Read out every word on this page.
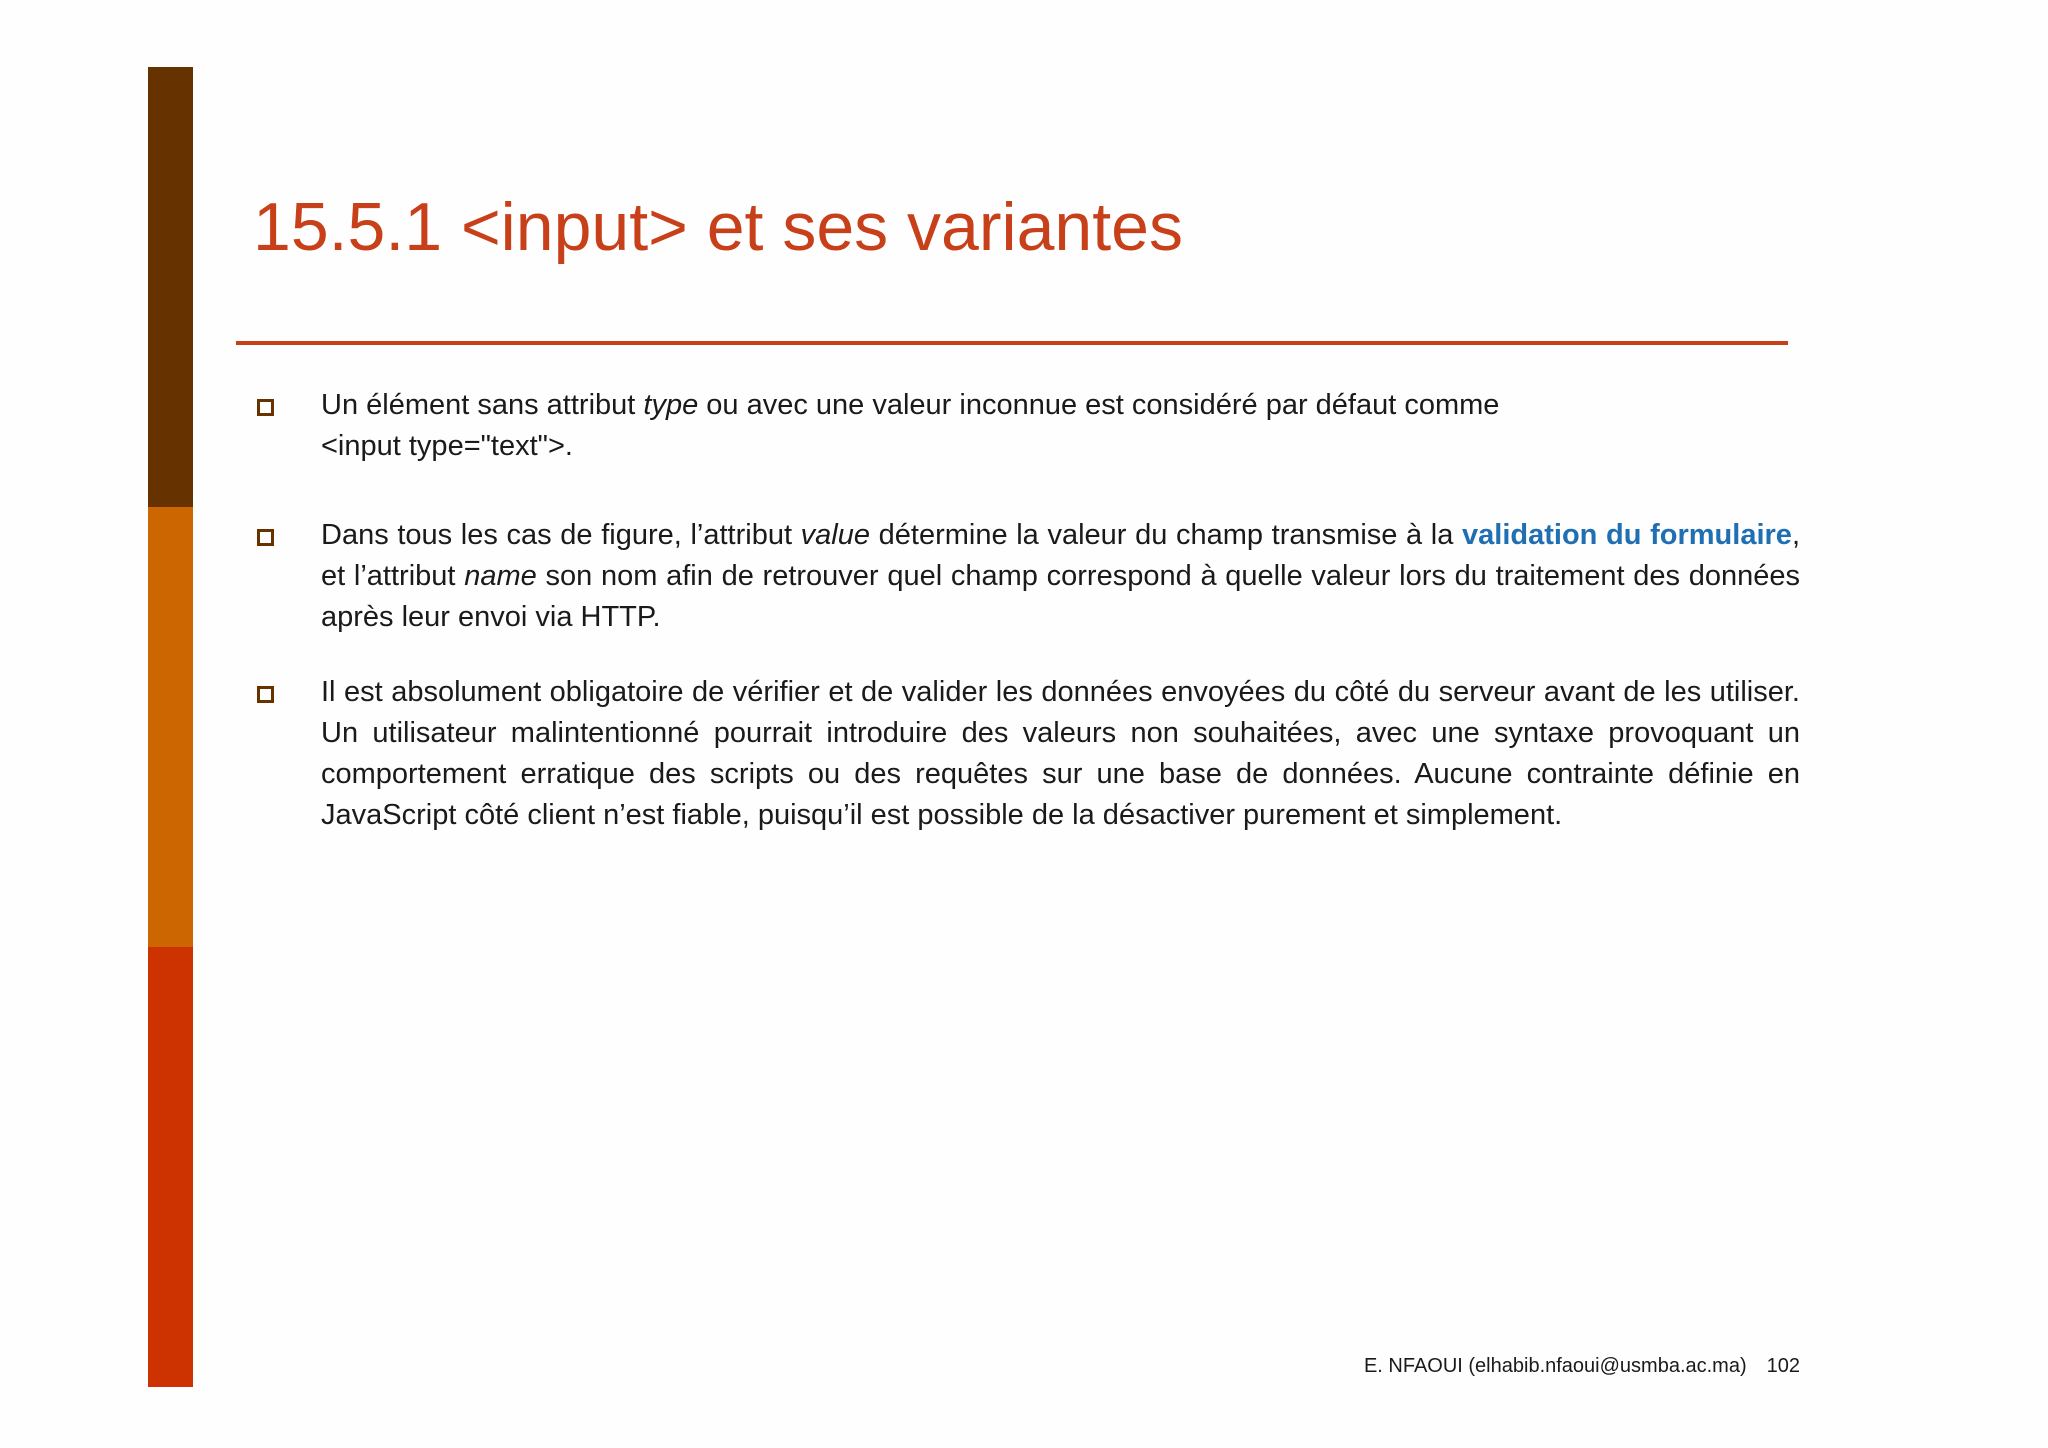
15.5.1 <input> et ses variantes

Un élément sans attribut type ou avec une valeur inconnue est considéré par défaut comme
<input type="text">.

Dans tous les cas de figure, l’attribut value détermine la valeur du champ transmise à la validation du formulaire, et l’attribut name son nom afin de retrouver quel champ correspond à quelle valeur lors du traitement des données après leur envoi via HTTP.

Il est absolument obligatoire de vérifier et de valider les données envoyées du côté du serveur avant de les utiliser. Un utilisateur malintentionné pourrait introduire des valeurs non souhaitées, avec une syntaxe provoquant un comportement erratique des scripts ou des requêtes sur une base de données. Aucune contrainte définie en JavaScript côté client n’est fiable, puisqu’il est possible de la désactiver purement et simplement.

E. NFAOUI (elhabib.nfaoui@usmba.ac.ma) 102
